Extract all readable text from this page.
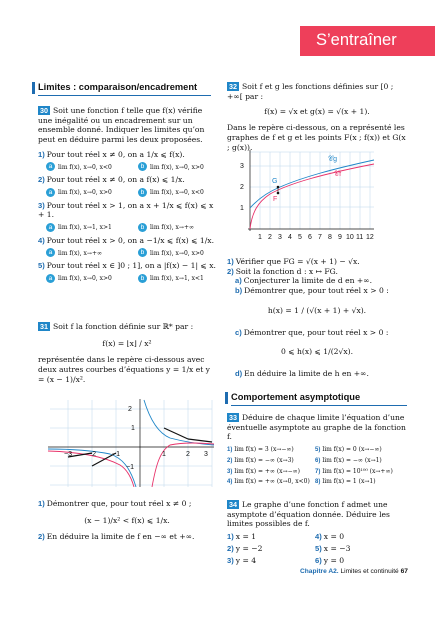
S’entraîner
Limites : comparaison/encadrement

30 Soit une fonction f telle que f(x) vérifie une inégalité ou un encadrement sur un ensemble donné. Indiquer les limites qu’on peut en déduire parmi les deux proposées.

1) Pour tout réel x ≠ 0, on a 1/x ⩽ f(x).

a lim f(x), x→0, x<0	b lim f(x), x→0, x>0

2) Pour tout réel x ≠ 0, on a f(x) ⩽ 1/x.

a lim f(x), x→0, x>0	b lim f(x), x→0, x<0

3) Pour tout réel x > 1, on a x + 1/x ⩽ f(x) ⩽ x + 1.

a lim f(x), x→1, x>1	b lim f(x), x→+∞

4) Pour tout réel x > 0, on a −1/x ⩽ f(x) ⩽ 1/x.

a lim f(x), x→+∞	b lim f(x), x→0, x>0

5) Pour tout réel x ∈ ]0 ; 1], on a |f(x) − 1| ⩽ x.

a lim f(x), x→0, x>0	b lim f(x), x→1, x<1

31 Soit f la fonction définie sur ℝ* par :

f(x) = ⌊x⌋ / x²

représentée dans le repère ci-dessous avec deux autres courbes d’équations y = 1/x et y = (x − 1)/x².

−3 −2 −1	1	2 3
2
1
−1

1) Démontrer que, pour tout réel x ≠ 0 ;

(x − 1)/x² < f(x) ⩽ 1/x.

2) En déduire la limite de f en −∞ et +∞.

32 Soit f et g les fonctions définies sur [0 ; +∞[ par :

f(x) = √x et g(x) = √(x + 1).

Dans le repère ci-dessous, on a représenté les graphes de f et g et les points F(x ; f(x)) et G(x ; g(x)).

G
F
𝒞g
𝒞f
1 2 3 4 5 6 7 8 9 10 11 12
1
2
3

1) Vérifier que FG = √(x + 1) − √x.

2) Soit la fonction d : x ↦ FG.

a) Conjecturer la limite de d en +∞.

b) Démontrer que, pour tout réel x > 0 :

h(x) = 1 / (√(x + 1) + √x).

c) Démontrer que, pour tout réel x > 0 :

0 ⩽ h(x) ⩽ 1/(2√x).

d) En déduire la limite de h en +∞.

Comportement asymptotique

33 Déduire de chaque limite l’équation d’une éventuelle asymptote au graphe de la fonction f.

1) lim f(x) = 3 (x→−∞)	5) lim f(x) = 0 (x→−∞)
2) lim f(x) = −∞ (x→3)	6) lim f(x) = −∞ (x→1)
3) lim f(x) = +∞ (x→−∞)	7) lim f(x) = 10¹⁰⁰ (x→+∞)
4) lim f(x) = +∞ (x→0, x<0) 8) lim f(x) = 1 (x→1)

34 Le graphe d’une fonction f admet une asymptote d’équation donnée. Déduire les limites possibles de f.

1) x = 1	4) x = 0
2) y = −2	5) x = −3
3) y = 4	6) y = 0
Chapitre A2. Limites et continuité 67
